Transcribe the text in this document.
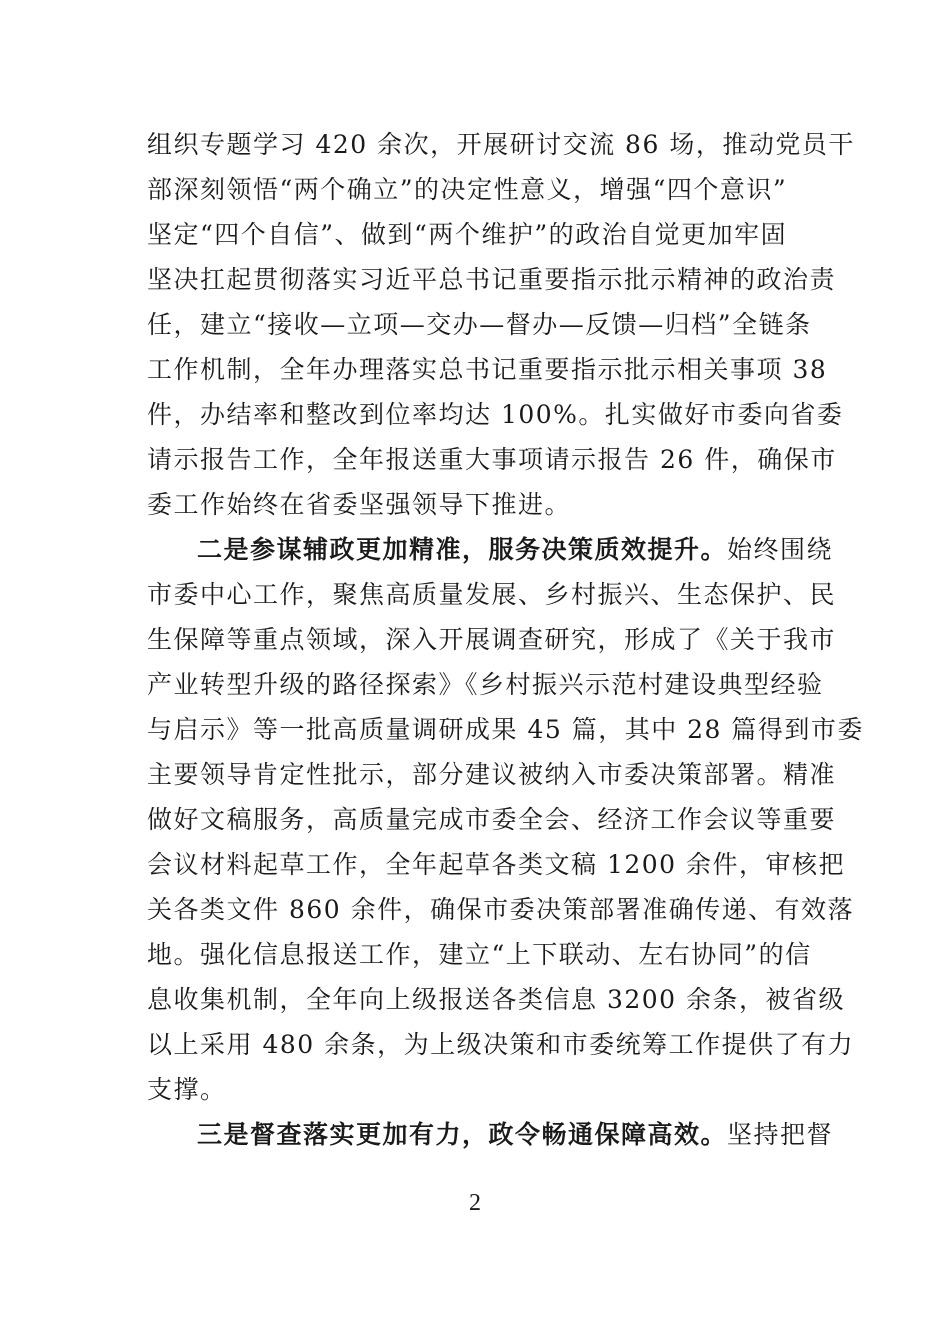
组织专题学习 420 余次，开展研讨交流 86 场，推动党员干
部深刻领悟“两个确立”的决定性意义，增强“四个意识”
坚定“四个自信”、做到“两个维护”的政治自觉更加牢固
坚决扛起贯彻落实习近平总书记重要指示批示精神的政治责
任，建立“接收—立项—交办—督办—反馈—归档”全链条
工作机制，全年办理落实总书记重要指示批示相关事项 38
件，办结率和整改到位率均达 100%。扎实做好市委向省委
请示报告工作，全年报送重大事项请示报告 26 件，确保市
委工作始终在省委坚强领导下推进。
二是参谋辅政更加精准，服务决策质效提升。始终围绕
市委中心工作，聚焦高质量发展、乡村振兴、生态保护、民
生保障等重点领域，深入开展调查研究，形成了《关于我市
产业转型升级的路径探索》《乡村振兴示范村建设典型经验
与启示》等一批高质量调研成果 45 篇，其中 28 篇得到市委
主要领导肯定性批示，部分建议被纳入市委决策部署。精准
做好文稿服务，高质量完成市委全会、经济工作会议等重要
会议材料起草工作，全年起草各类文稿 1200 余件，审核把
关各类文件 860 余件，确保市委决策部署准确传递、有效落
地。强化信息报送工作，建立“上下联动、左右协同”的信
息收集机制，全年向上级报送各类信息 3200 余条，被省级
以上采用 480 余条，为上级决策和市委统筹工作提供了有力
支撑。
三是督查落实更加有力，政令畅通保障高效。坚持把督
2
